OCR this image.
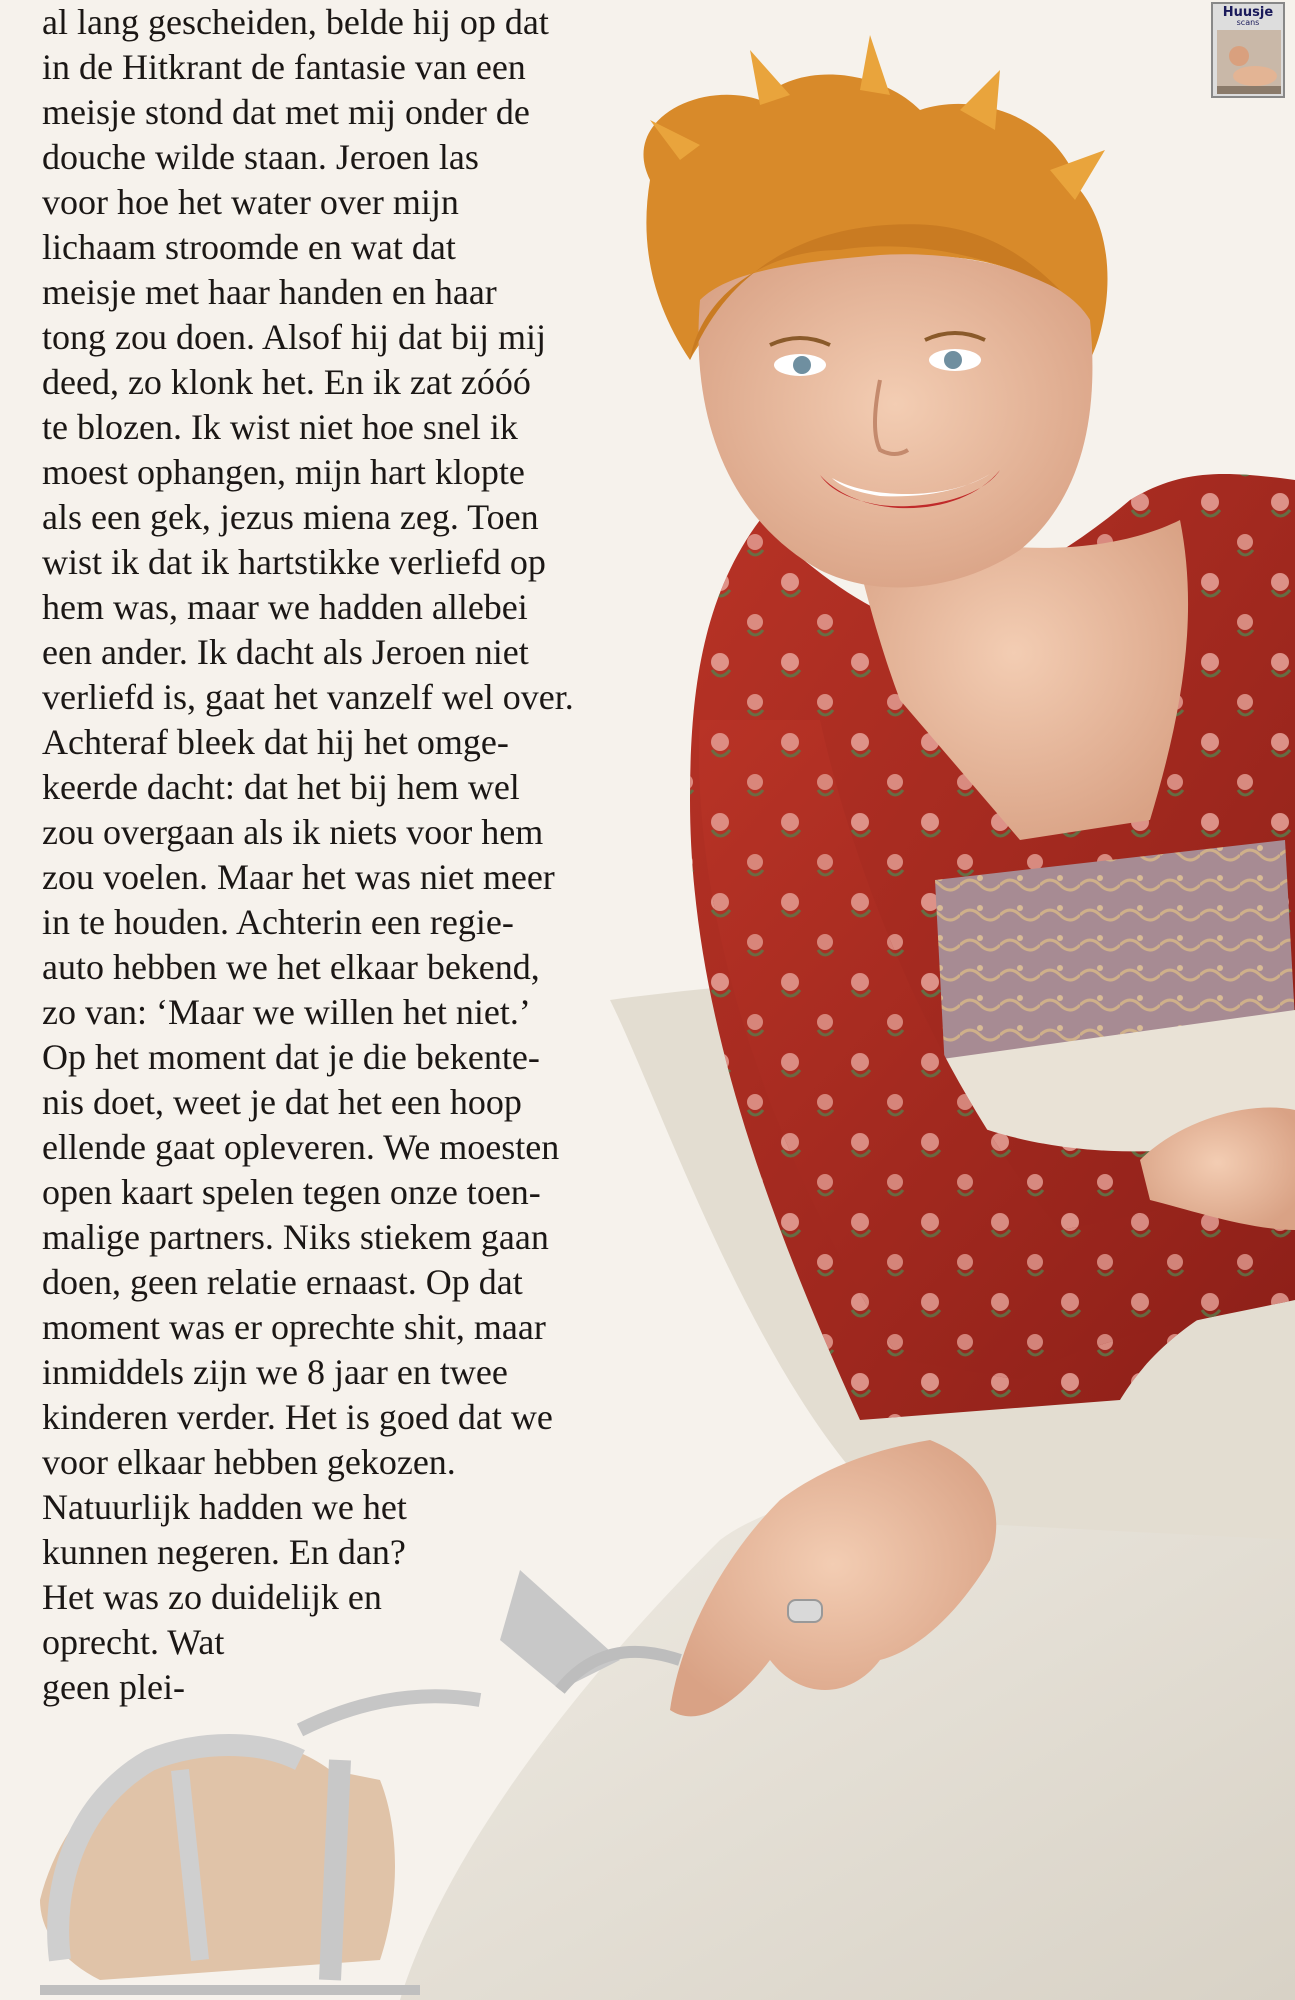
al lang gescheiden, belde hij op dat
in de Hitkrant de fantasie van een
meisje stond dat met mij onder de
douche wilde staan. Jeroen las
voor hoe het water over mijn
lichaam stroomde en wat dat
meisje met haar handen en haar
tong zou doen. Alsof hij dat bij mij
deed, zo klonk het. En ik zat zóóó
te blozen. Ik wist niet hoe snel ik
moest ophangen, mijn hart klopte
als een gek, jezus miena zeg. Toen
wist ik dat ik hartstikke verliefd op
hem was, maar we hadden allebei
een ander. Ik dacht als Jeroen niet
verliefd is, gaat het vanzelf wel over.
Achteraf bleek dat hij het omge-
keerde dacht: dat het bij hem wel
zou overgaan als ik niets voor hem
zou voelen. Maar het was niet meer
in te houden. Achterin een regie-
auto hebben we het elkaar bekend,
zo van: ‘Maar we willen het niet.’
Op het moment dat je die bekente-
nis doet, weet je dat het een hoop
ellende gaat opleveren. We moesten
open kaart spelen tegen onze toen-
malige partners. Niks stiekem gaan
doen, geen relatie ernaast. Op dat
moment was er oprechte shit, maar
inmiddels zijn we 8 jaar en twee
kinderen verder. Het is goed dat we
voor elkaar hebben gekozen.
Natuurlijk hadden we het
kunnen negeren. En dan?
Het was zo duidelijk en
oprecht. Wat
geen plei-
Huusje
scans
